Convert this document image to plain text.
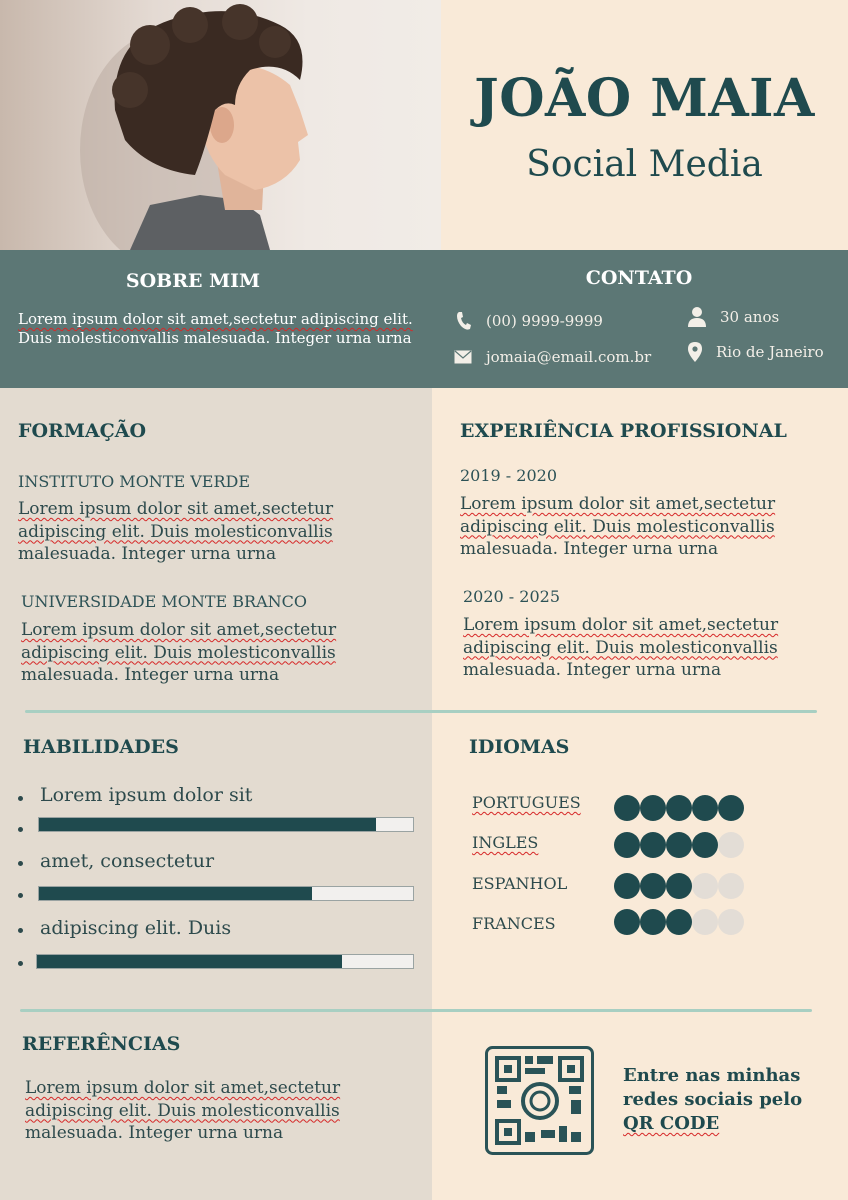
JOÃO MAIA
Social Media
SOBRE MIM
Lorem ipsum dolor sit amet,sectetur adipiscing elit.
Duis molesticonvallis malesuada. Integer urna urna
CONTATO
(00) 9999-9999
jomaia@email.com.br
30 anos
Rio de Janeiro
FORMAÇÃO
INSTITUTO MONTE VERDE
Lorem ipsum dolor sit amet,sectetur
adipiscing elit. Duis molesticonvallis
malesuada. Integer urna urna
UNIVERSIDADE MONTE BRANCO
Lorem ipsum dolor sit amet,sectetur
adipiscing elit. Duis molesticonvallis
malesuada. Integer urna urna
EXPERIÊNCIA PROFISSIONAL
2019 - 2020
Lorem ipsum dolor sit amet,sectetur
adipiscing elit. Duis molesticonvallis
malesuada. Integer urna urna
2020 - 2025
Lorem ipsum dolor sit amet,sectetur
adipiscing elit. Duis molesticonvallis
malesuada. Integer urna urna
HABILIDADES
Lorem ipsum dolor sit
amet, consectetur
adipiscing elit. Duis
IDIOMAS
PORTUGUES
INGLES
ESPANHOL
FRANCES
REFERÊNCIAS
Lorem ipsum dolor sit amet,sectetur
adipiscing elit. Duis molesticonvallis
malesuada. Integer urna urna
Entre nas minhas
redes sociais pelo
QR CODE
